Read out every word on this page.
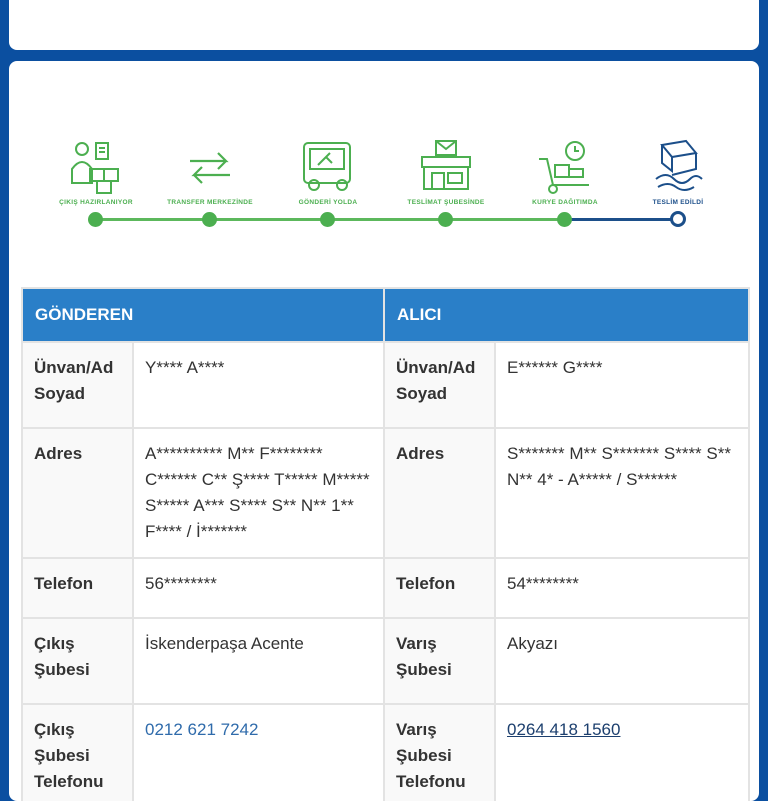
ÇIKIŞ HAZIRLANIYOR	TRANSFER MERKEZİNDE	GÖNDERİ YOLDA	TESLİMAT ŞUBESİNDE	KURYE DAĞITIMDA	TESLİM EDİLDİ
GÖNDEREN		ALICI	
Ünvan/Ad Soyad	Y**** A****	Ünvan/Ad Soyad	E****** G****
Adres	A********** M** F******** C****** C** Ş**** T***** M***** S***** A*** S**** S** N** 1** F**** / İ*******	Adres	S******* M** S******* S**** S** N** 4* - A***** / S******
Telefon	56********	Telefon	54********
Çıkış Şubesi	İskenderpaşa Acente	Varış Şubesi	Akyazı
Çıkış Şubesi Telefonu	0212 621 7242	Varış Şubesi Telefonu	0264 418 1560
